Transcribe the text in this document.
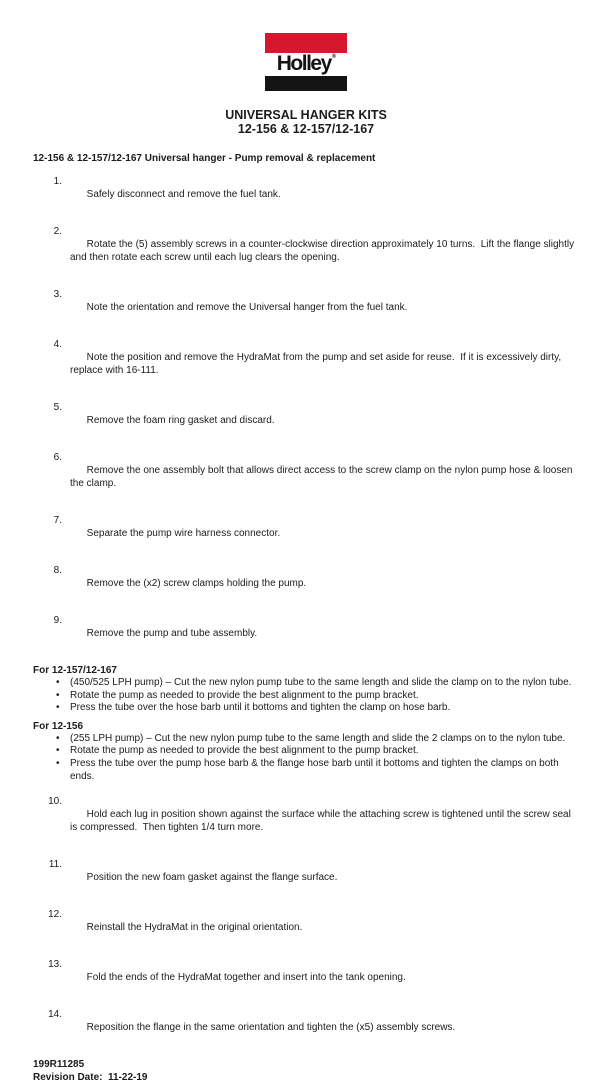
Holley ®
UNIVERSAL HANGER KITS
12-156 & 12-157/12-167
12-156 & 12-157/12-167 Universal hanger - Pump removal & replacement

1.
Safely disconnect and remove the fuel tank.

2.
Rotate the (5) assembly screws in a counter-clockwise direction approximately 10 turns.  Lift the flange slightly and then rotate each screw until each lug clears the opening.

3.
Note the orientation and remove the Universal hanger from the fuel tank.

4.
Note the position and remove the HydraMat from the pump and set aside for reuse.  If it is excessively dirty, replace with 16-111.

5.
Remove the foam ring gasket and discard.

6.
Remove the one assembly bolt that allows direct access to the screw clamp on the nylon pump hose & loosen the clamp.

7.
Separate the pump wire harness connector.

8.
Remove the (x2) screw clamps holding the pump.

9.
Remove the pump and tube assembly.

For 12-157/12-167
• (450/525 LPH pump) – Cut the new nylon pump tube to the same length and slide the clamp on to the nylon tube.
• Rotate the pump as needed to provide the best alignment to the pump bracket.
• Press the tube over the hose barb until it bottoms and tighten the clamp on hose barb.
For 12-156
• (255 LPH pump) – Cut the new nylon pump tube to the same length and slide the 2 clamps on to the nylon tube.
• Rotate the pump as needed to provide the best alignment to the pump bracket.
• Press the tube over the pump hose barb & the flange hose barb until it bottoms and tighten the clamps on both ends.

10.
Hold each lug in position shown against the surface while the attaching screw is tightened until the screw seal is compressed.  Then tighten 1/4 turn more.

11.
Position the new foam gasket against the flange surface.

12.
Reinstall the HydraMat in the original orientation.

13.
Fold the ends of the HydraMat together and insert into the tank opening.

14.
Reposition the flange in the same orientation and tighten the (x5) assembly screws.

199R11285
Revision Date:  11-22-19
